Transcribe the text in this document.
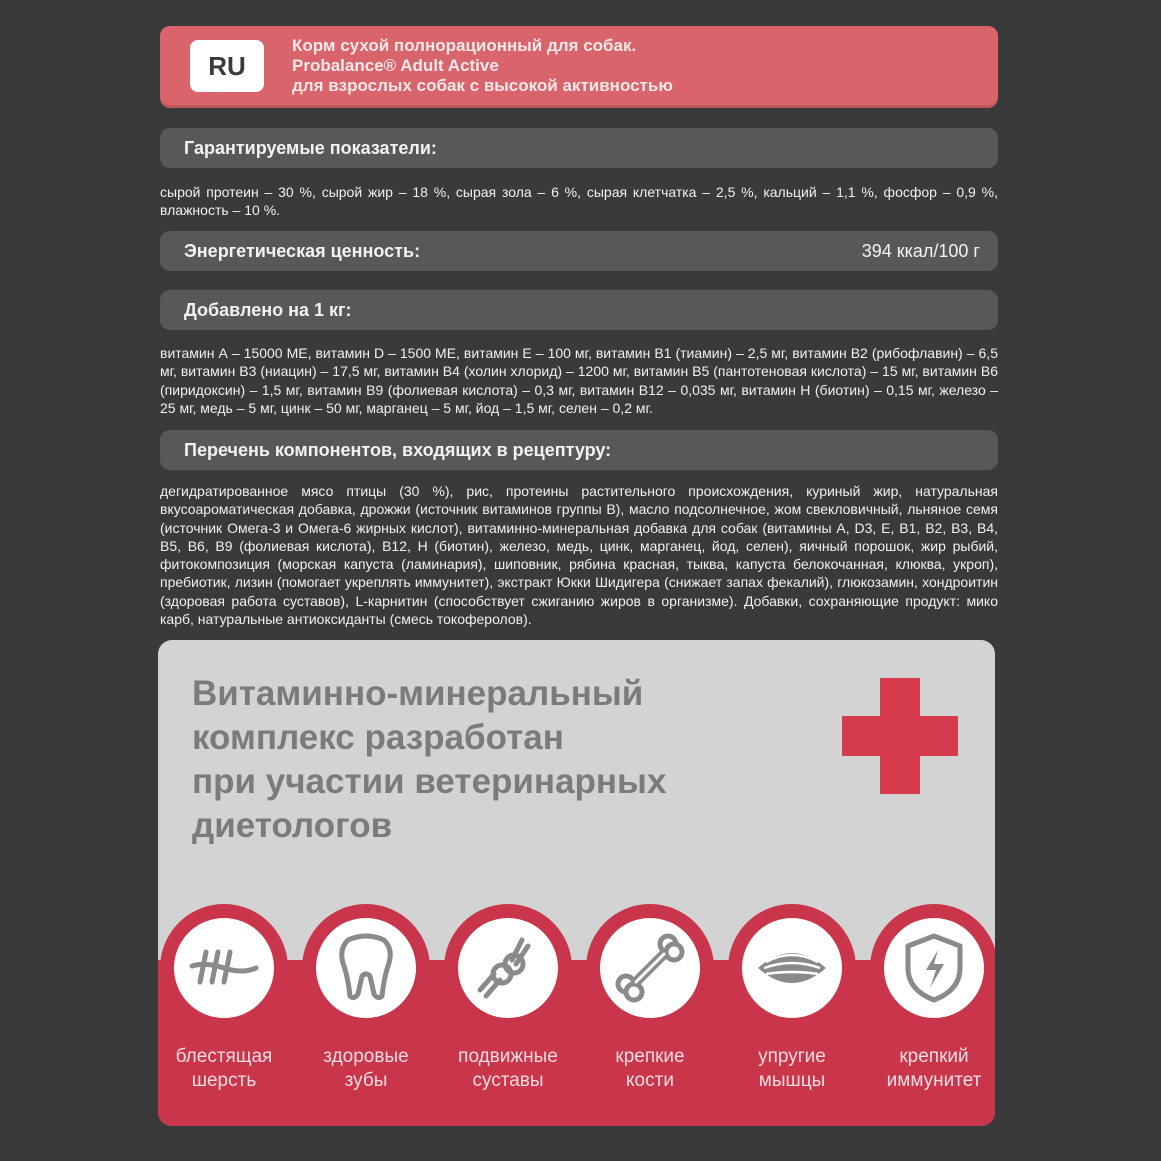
RU
Корм сухой полнорационный для собак.
Probalance® Adult Active
для взрослых собак с высокой активностью
Гарантируемые показатели:
сырой протеин – 30 %, сырой жир – 18 %, сырая зола – 6 %, сырая клетчатка – 2,5 %, кальций – 1,1 %, фосфор – 0,9 %, влажность – 10 %.
Энергетическая ценность:	394 ккал/100 г
Добавлено на 1 кг:
витамин А – 15000 МЕ, витамин D – 1500 МЕ, витамин Е – 100 мг, витамин В1 (тиамин) – 2,5 мг, витамин В2 (рибофлавин) – 6,5 мг, витамин В3 (ниацин) – 17,5 мг, витамин В4 (холин хлорид) – 1200 мг, витамин В5 (пантотеновая кислота) – 15 мг, витамин В6 (пиридоксин) – 1,5 мг, витамин В9 (фолиевая кислота) – 0,3 мг, витамин В12 – 0,035 мг, витамин Н (биотин) – 0,15 мг, железо – 25 мг, медь – 5 мг, цинк – 50 мг, марганец – 5 мг, йод – 1,5 мг, селен – 0,2 мг.
Перечень компонентов, входящих в рецептуру:
дегидратированное мясо птицы (30 %), рис, протеины растительного происхождения, куриный жир, натуральная вкусоароматическая добавка, дрожжи (источник витаминов группы В), масло подсолнечное, жом свекловичный, льняное семя (источник Омега-3 и Омега-6 жирных кислот), витаминно-минеральная добавка для собак (витамины А, D3, Е, В1, В2, В3, В4, В5, В6, В9 (фолиевая кислота), В12, Н (биотин), железо, медь, цинк, марганец, йод, селен), яичный порошок, жир рыбий, фитокомпозиция (морская капуста (ламинария), шиповник, рябина красная, тыква, капуста белокочанная, клюква, укроп), пребиотик, лизин (помогает укреплять иммунитет), экстракт Юкки Шидигера (снижает запах фекалий), глюкозамин, хондроитин (здоровая работа суставов), L-карнитин (способствует сжиганию жиров в организме). Добавки, сохраняющие продукт: мико карб, натуральные антиоксиданты (смесь токоферолов).
Витаминно-минеральный
комплекс разработан
при участии ветеринарных
диетологов
блестящая
шерсть
здоровые
зубы
подвижные
суставы
крепкие
кости
упругие
мышцы
крепкий
иммунитет
